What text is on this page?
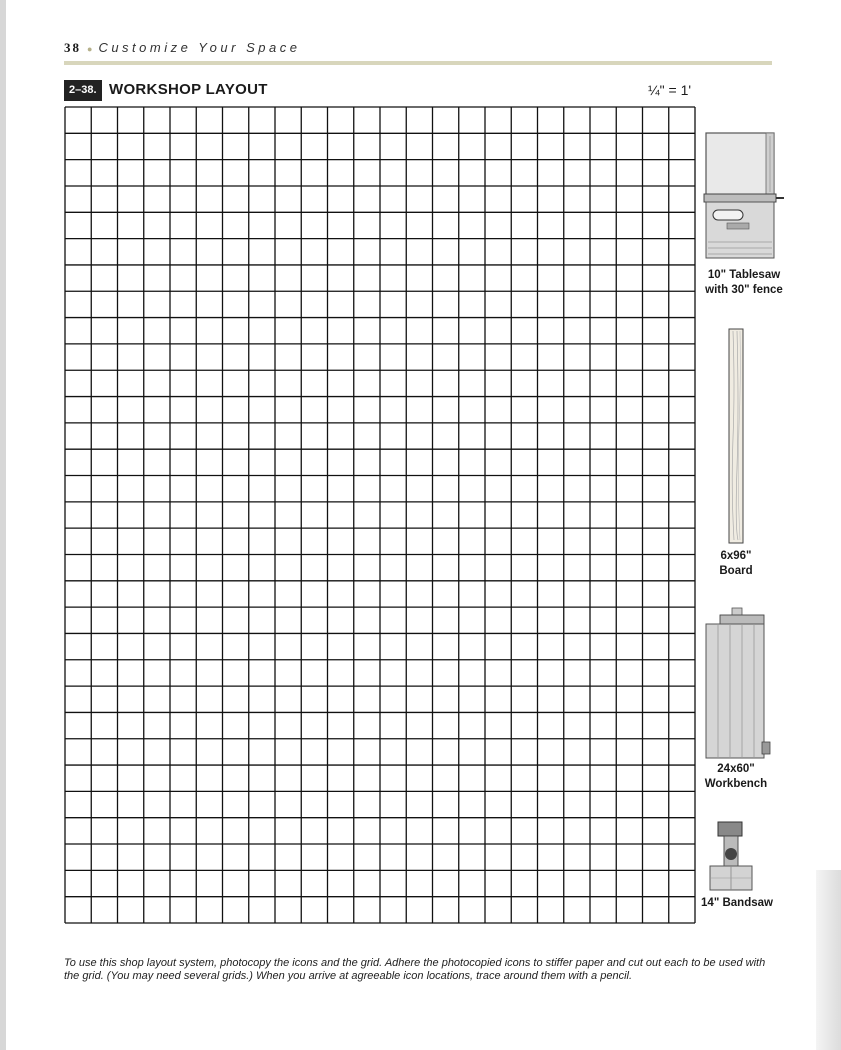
38 ● Customize Your Space
2–38. WORKSHOP LAYOUT	¼" = 1'
10" Tablesaw
with 30" fence
6x96"
Board
24x60"
Workbench
14" Bandsaw
To use this shop layout system, photocopy the icons and the grid. Adhere the photocopied icons to stiffer paper and cut out each to be used with the grid. (You may need several grids.) When you arrive at agreeable icon locations, trace around them with a pencil.
